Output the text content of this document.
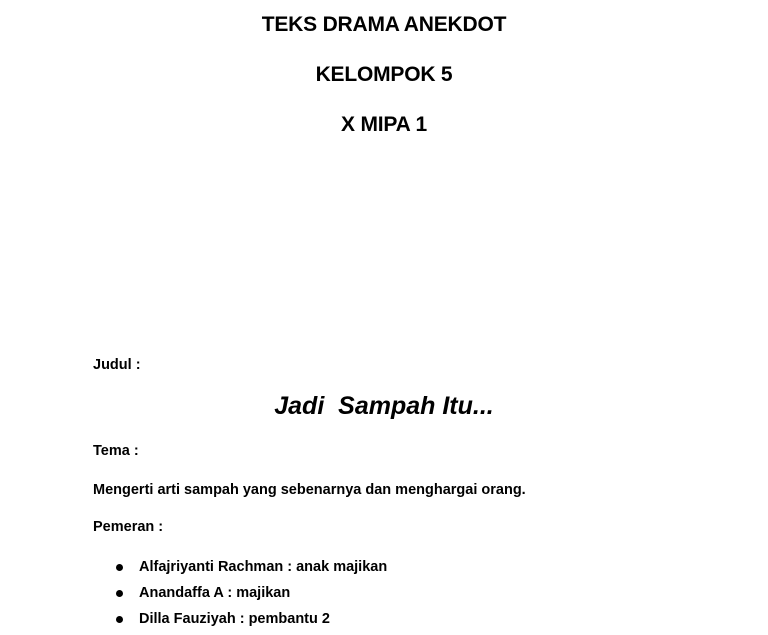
TEKS DRAMA ANEKDOT
KELOMPOK 5
X MIPA 1
Judul :
Jadi  Sampah Itu...
Tema :
Mengerti arti sampah yang sebenarnya dan menghargai orang.
Pemeran :
Alfajriyanti Rachman : anak majikan
Anandaffa A : majikan
Dilla Fauziyah : pembantu 2
